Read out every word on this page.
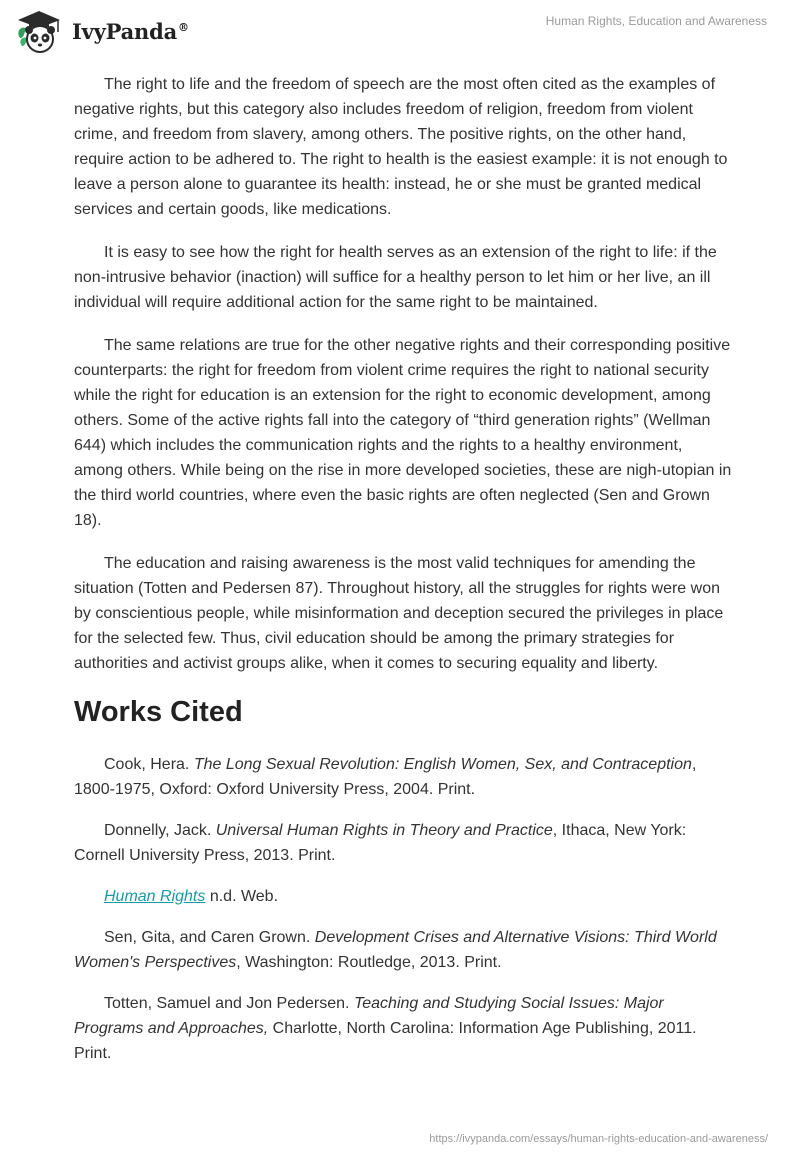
IvyPanda®	Human Rights, Education and Awareness

The right to life and the freedom of speech are the most often cited as the examples of negative rights, but this category also includes freedom of religion, freedom from violent crime, and freedom from slavery, among others. The positive rights, on the other hand, require action to be adhered to. The right to health is the easiest example: it is not enough to leave a person alone to guarantee its health: instead, he or she must be granted medical services and certain goods, like medications.

It is easy to see how the right for health serves as an extension of the right to life: if the non-intrusive behavior (inaction) will suffice for a healthy person to let him or her live, an ill individual will require additional action for the same right to be maintained.

The same relations are true for the other negative rights and their corresponding positive counterparts: the right for freedom from violent crime requires the right to national security while the right for education is an extension for the right to economic development, among others. Some of the active rights fall into the category of “third generation rights” (Wellman 644) which includes the communication rights and the rights to a healthy environment, among others. While being on the rise in more developed societies, these are nigh-utopian in the third world countries, where even the basic rights are often neglected (Sen and Grown 18).

The education and raising awareness is the most valid techniques for amending the situation (Totten and Pedersen 87). Throughout history, all the struggles for rights were won by conscientious people, while misinformation and deception secured the privileges in place for the selected few. Thus, civil education should be among the primary strategies for authorities and activist groups alike, when it comes to securing equality and liberty.

Works Cited

Cook, Hera. The Long Sexual Revolution: English Women, Sex, and Contraception, 1800-1975, Oxford: Oxford University Press, 2004. Print.

Donnelly, Jack. Universal Human Rights in Theory and Practice, Ithaca, New York: Cornell University Press, 2013. Print.

Human Rights n.d. Web.

Sen, Gita, and Caren Grown. Development Crises and Alternative Visions: Third World Women's Perspectives, Washington: Routledge, 2013. Print.

Totten, Samuel and Jon Pedersen. Teaching and Studying Social Issues: Major Programs and Approaches, Charlotte, North Carolina: Information Age Publishing, 2011. Print.

https://ivypanda.com/essays/human-rights-education-and-awareness/
